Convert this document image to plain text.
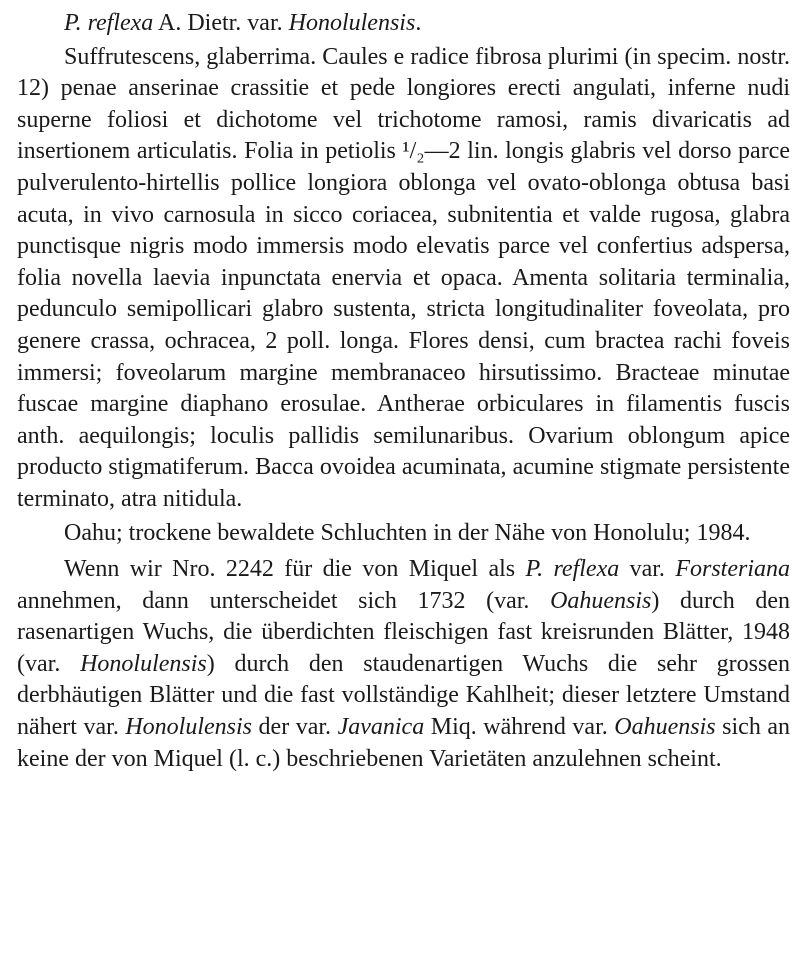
P. reflexa A. Dietr. var. Honolulensis.

Suffrutescens, glaberrima. Caules e radice fibrosa plurimi (in specim. nostr. 12) penae anserinae crassitie et pede longiores erecti angulati, inferne nudi superne foliosi et dichotome vel trichotome ramosi, ramis divaricatis ad insertionem articulatis. Folia in petiolis ¹/₂—2 lin. longis glabris vel dorso parce pulverulento-hirtellis pollice longiora oblonga vel ovato-oblonga obtusa basi acuta, in vivo carnosula in sicco coriacea, subnitentia et valde rugosa, glabra punctisque nigris modo immersis modo elevatis parce vel confertius adspersa, folia novella laevia inpunctata enervia et opaca. Amenta solitaria terminalia, pedunculo semipollicari glabro sustenta, stricta longitudinaliter foveolata, pro genere crassa, ochracea, 2 poll. longa. Flores densi, cum bractea rachi foveis immersi; foveolarum margine membranaceo hirsutissimo. Bracteae minutae fuscae margine diaphano erosulae. Antherae orbiculares in filamentis fuscis anth. aequilongis; loculis pallidis semilunaribus. Ovarium oblongum apice producto stigmatiferum. Bacca ovoidea acuminata, acumine stigmate persistente terminato, atra nitidula.

Oahu; trockene bewaldete Schluchten in der Nähe von Honolulu; 1984.

Wenn wir Nro. 2242 für die von Miquel als P. reflexa var. Forsteriana annehmen, dann unterscheidet sich 1732 (var. Oahuensis) durch den rasenartigen Wuchs, die überdichten fleischigen fast kreisrunden Blätter, 1948 (var. Honolulensis) durch den staudenartigen Wuchs die sehr grossen derbhäutigen Blätter und die fast vollständige Kahlheit; dieser letztere Umstand nähert var. Honolulensis der var. Javanica Miq. während var. Oahuensis sich an keine der von Miquel (l. c.) beschriebenen Varietäten anzulehnen scheint.
